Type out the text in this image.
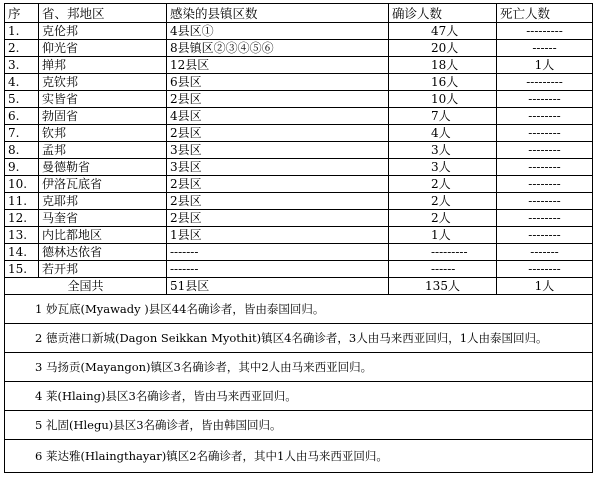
序	省、邦地区	感染的县镇区数	确诊人数	死亡人数
1.	克伦邦	4县区①	47人	---------
2.	仰光省	8县镇区②③④⑤⑥	20人	------
3.	掸邦	12县区	18人	1人
4.	克钦邦	6县区	16人	---------
5.	实皆省	2县区	10人	--------
6.	勃固省	4县区	7人	--------
7.	钦邦	2县区	4人	--------
8.	孟邦	3县区	3人	--------
9.	曼德勒省	3县区	3人	--------
10.	伊洛瓦底省	2县区	2人	--------
11.	克耶邦	2县区	2人	--------
12.	马奎省	2县区	2人	--------
13.	内比都地区	1县区	1人	--------
14.	德林达依省	-------	---------	-------
15.	若开邦	-------	------	--------
全国共		51县区	135人	1人
1 妙瓦底(Myawady )县区44名确诊者，皆由泰国回归。				
2 德贡港口新城(Dagon Seikkan Myothit)镇区4名确诊者，3人由马来西亚回归，1人由泰国回归。				
3 马扬贡(Mayangon)镇区3名确诊者，其中2人由马来西亚回归。				
4 莱(Hlaing)县区3名确诊者，皆由马来西亚回归。				
5 礼固(Hlegu)县区3名确诊者，皆由韩国回归。				
6 莱达雅(Hlaingthayar)镇区2名确诊者，其中1人由马来西亚回归。				
